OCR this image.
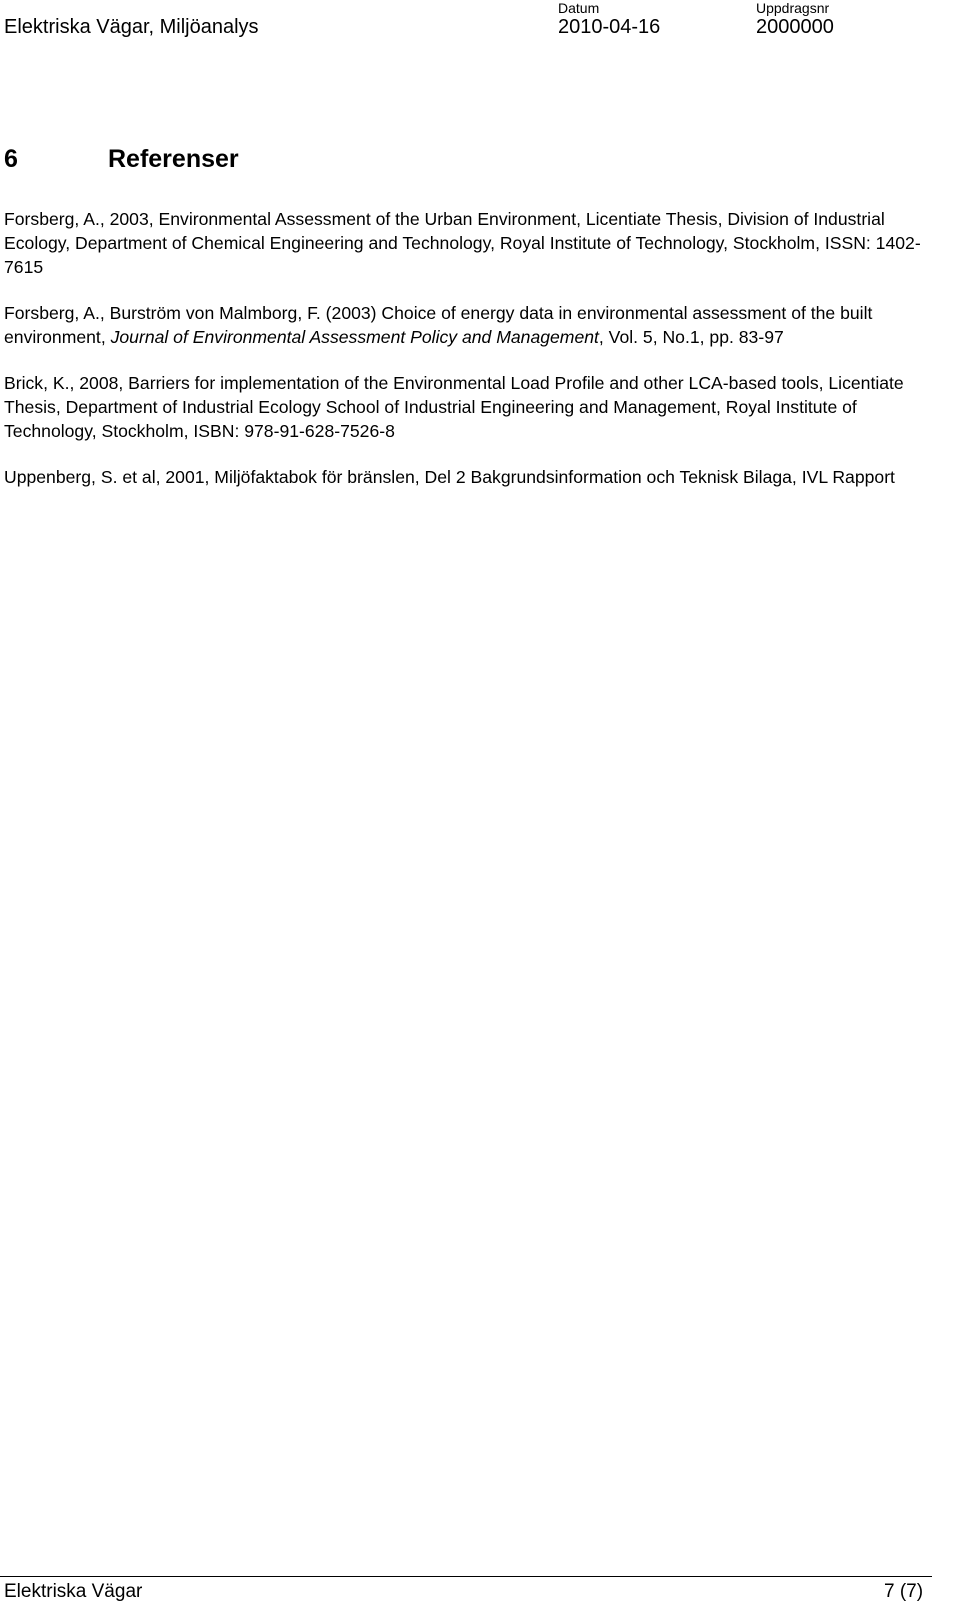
Elektriska Vägar, Miljöanalys
Datum
2010-04-16
Uppdragsnr
2000000
6	Referenser

Forsberg, A., 2003, Environmental Assessment of the Urban Environment, Licentiate Thesis, Division of Industrial Ecology, Department of Chemical Engineering and Technology, Royal Institute of Technology, Stockholm, ISSN: 1402-7615

Forsberg, A., Burström von Malmborg, F. (2003) Choice of energy data in environmental assessment of the built environment, Journal of Environmental Assessment Policy and Management, Vol. 5, No.1, pp. 83-97

Brick, K., 2008, Barriers for implementation of the Environmental Load Profile and other LCA-based tools, Licentiate Thesis, Department of Industrial Ecology School of Industrial Engineering and Management, Royal Institute of Technology, Stockholm, ISBN: 978-91-628-7526-8

Uppenberg, S. et al, 2001, Miljöfaktabok för bränslen, Del 2 Bakgrundsinformation och Teknisk Bilaga, IVL Rapport

Elektriska Vägar	7 (7)
